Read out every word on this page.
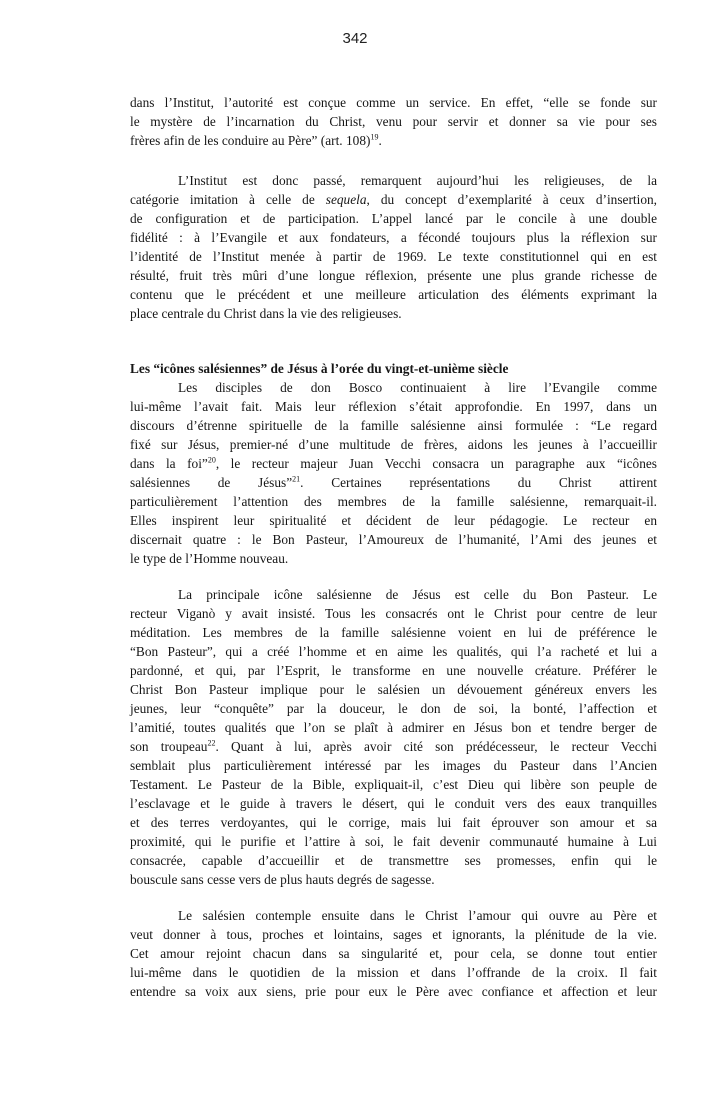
342
dans l’Institut, l’autorité est conçue comme un service. En effet, “elle se fonde sur
le mystère de l’incarnation du Christ, venu pour servir et donner sa vie pour ses
frères afin de les conduire au Père” (art. 108)$^{19}$.
L’Institut est donc passé, remarquent aujourd’hui les religieuses, de la
catégorie imitation à celle de sequela, du concept d’exemplarité à ceux d’insertion,
de configuration et de participation. L’appel lancé par le concile à une double
fidélité : à l’Evangile et aux fondateurs, a fécondé toujours plus la réflexion sur
l’identité de l’Institut menée à partir de 1969. Le texte constitutionnel qui en est
résulté, fruit très mûri d’une longue réflexion, présente une plus grande richesse de
contenu que le précédent et une meilleure articulation des éléments exprimant la
place centrale du Christ dans la vie des religieuses.
Les “icônes salésiennes” de Jésus à l’orée du vingt-et-unième siècle
Les disciples de don Bosco continuaient à lire l’Evangile comme
lui-même l’avait fait. Mais leur réflexion s’était approfondie. En 1997, dans un
discours d’étrenne spirituelle de la famille salésienne ainsi formulée : “Le regard
fixé sur Jésus, premier-né d’une multitude de frères, aidons les jeunes à l’accueillir
dans la foi”$^{20}$, le recteur majeur Juan Vecchi consacra un paragraphe aux “icônes
salésiennes de Jésus”$^{21}$. Certaines représentations du Christ attirent
particulièrement l’attention des membres de la famille salésienne, remarquait-il.
Elles inspirent leur spiritualité et décident de leur pédagogie. Le recteur en
discernait quatre : le Bon Pasteur, l’Amoureux de l’humanité, l’Ami des jeunes et
le type de l’Homme nouveau.
La principale icône salésienne de Jésus est celle du Bon Pasteur. Le
recteur Viganò y avait insisté. Tous les consacrés ont le Christ pour centre de leur
méditation. Les membres de la famille salésienne voient en lui de préférence le
“Bon Pasteur”, qui a créé l’homme et en aime les qualités, qui l’a racheté et lui a
pardonné, et qui, par l’Esprit, le transforme en une nouvelle créature. Préférer le
Christ Bon Pasteur implique pour le salésien un dévouement généreux envers les
jeunes, leur “conquête” par la douceur, le don de soi, la bonté, l’affection et
l’amitié, toutes qualités que l’on se plaît à admirer en Jésus bon et tendre berger de
son troupeau$^{22}$. Quant à lui, après avoir cité son prédécesseur, le recteur Vecchi
semblait plus particulièrement intéressé par les images du Pasteur dans l’Ancien
Testament. Le Pasteur de la Bible, expliquait-il, c’est Dieu qui libère son peuple de
l’esclavage et le guide à travers le désert, qui le conduit vers des eaux tranquilles
et des terres verdoyantes, qui le corrige, mais lui fait éprouver son amour et sa
proximité, qui le purifie et l’attire à soi, le fait devenir communauté humaine à Lui
consacrée, capable d’accueillir et de transmettre ses promesses, enfin qui le
bouscule sans cesse vers de plus hauts degrés de sagesse.
Le salésien contemple ensuite dans le Christ l’amour qui ouvre au Père et
veut donner à tous, proches et lointains, sages et ignorants, la plénitude de la vie.
Cet amour rejoint chacun dans sa singularité et, pour cela, se donne tout entier
lui-même dans le quotidien de la mission et dans l’offrande de la croix. Il fait
entendre sa voix aux siens, prie pour eux le Père avec confiance et affection et leur
